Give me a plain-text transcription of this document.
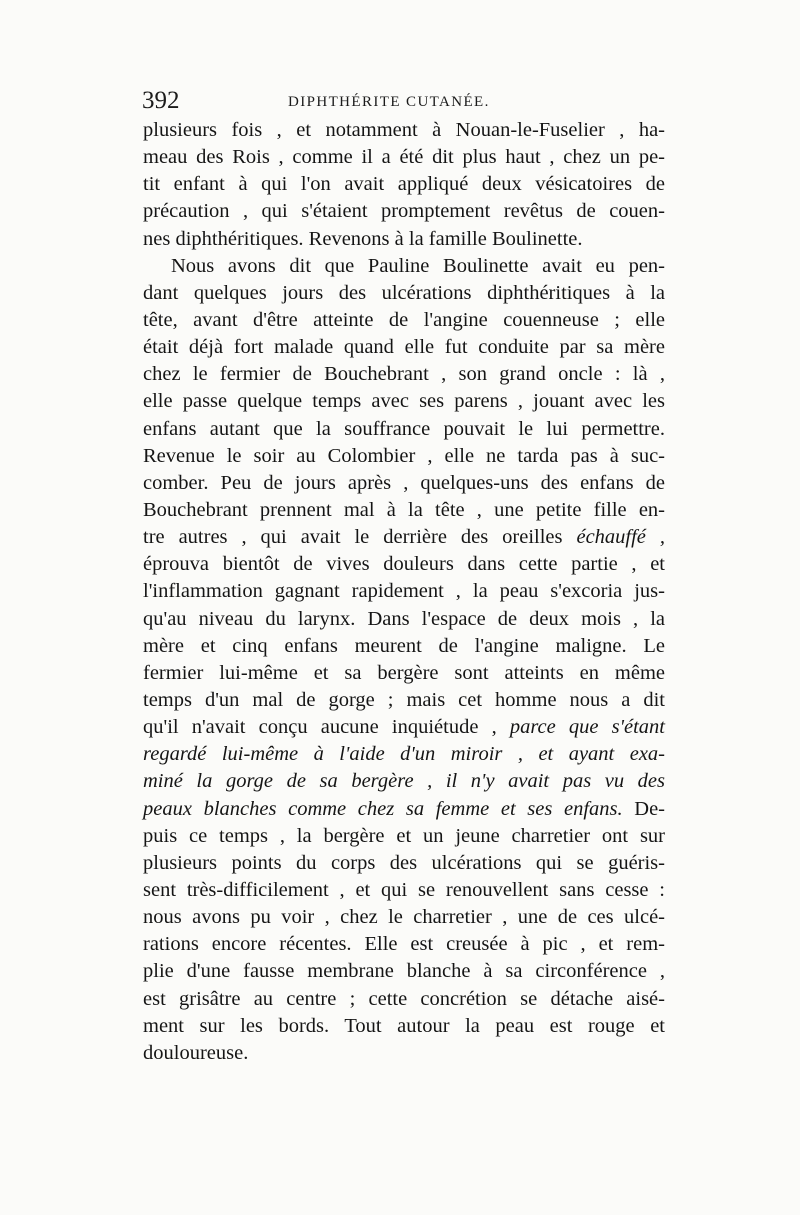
392	DIPHTHÉRITE CUTANÉE.
plusieurs fois , et notamment à Nouan-le-Fuselier , ha-
meau des Rois , comme il a été dit plus haut , chez un pe-
tit enfant à qui l'on avait appliqué deux vésicatoires de
précaution , qui s'étaient promptement revêtus de couen-
nes diphthéritiques. Revenons à la famille Boulinette.
Nous avons dit que Pauline Boulinette avait eu pen-
dant quelques jours des ulcérations diphthéritiques à la
tête, avant d'être atteinte de l'angine couenneuse ; elle
était déjà fort malade quand elle fut conduite par sa mère
chez le fermier de Bouchebrant , son grand oncle : là ,
elle passe quelque temps avec ses parens , jouant avec les
enfans autant que la souffrance pouvait le lui permettre.
Revenue le soir au Colombier , elle ne tarda pas à suc-
comber. Peu de jours après , quelques-uns des enfans de
Bouchebrant prennent mal à la tête , une petite fille en-
tre autres , qui avait le derrière des oreilles échauffé ,
éprouva bientôt de vives douleurs dans cette partie , et
l'inflammation gagnant rapidement , la peau s'excoria jus-
qu'au niveau du larynx. Dans l'espace de deux mois , la
mère et cinq enfans meurent de l'angine maligne. Le
fermier lui-même et sa bergère sont atteints en même
temps d'un mal de gorge ; mais cet homme nous a dit
qu'il n'avait conçu aucune inquiétude , parce que s'étant
regardé lui-même à l'aide d'un miroir , et ayant exa-
miné la gorge de sa bergère , il n'y avait pas vu des
peaux blanches comme chez sa femme et ses enfans. De-
puis ce temps , la bergère et un jeune charretier ont sur
plusieurs points du corps des ulcérations qui se guéris-
sent très-difficilement , et qui se renouvellent sans cesse :
nous avons pu voir , chez le charretier , une de ces ulcé-
rations encore récentes. Elle est creusée à pic , et rem-
plie d'une fausse membrane blanche à sa circonférence ,
est grisâtre au centre ; cette concrétion se détache aisé-
ment sur les bords. Tout autour la peau est rouge et
douloureuse.
